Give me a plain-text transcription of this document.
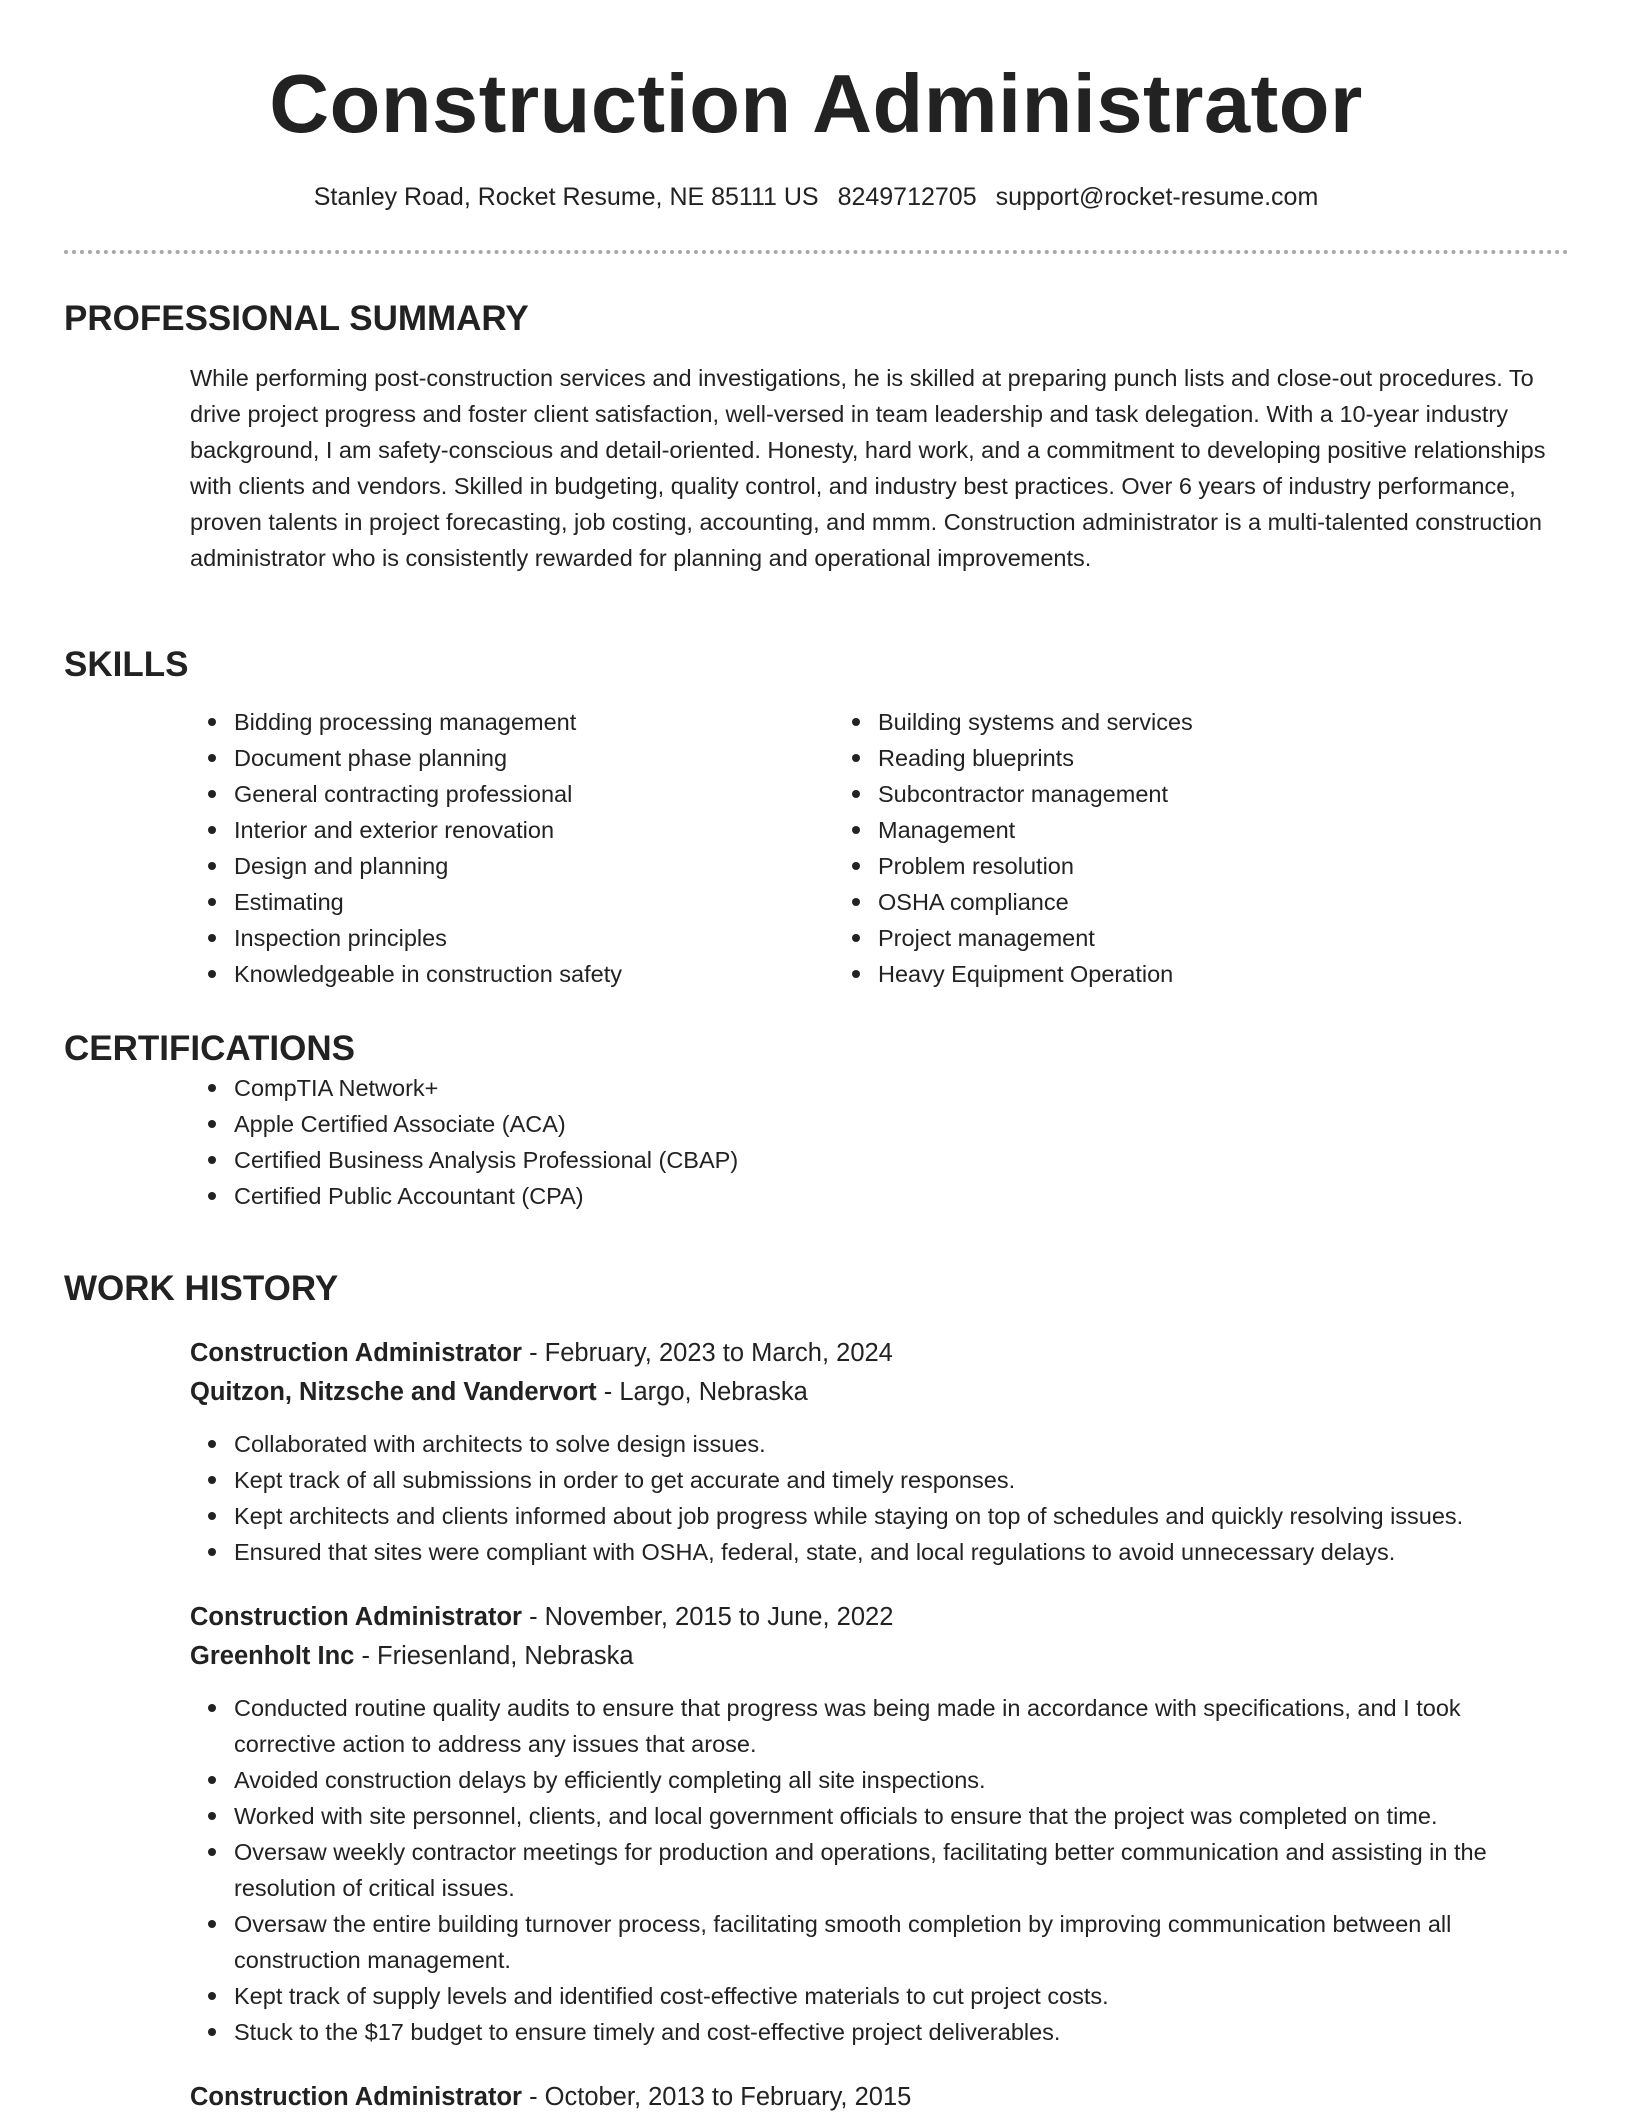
Construction Administrator
Stanley Road, Rocket Resume, NE 85111 US 8249712705 support@rocket-resume.com
PROFESSIONAL SUMMARY

While performing post-construction services and investigations, he is skilled at preparing punch lists and close-out procedures. To drive project progress and foster client satisfaction, well-versed in team leadership and task delegation. With a 10-year industry background, I am safety-conscious and detail-oriented. Honesty, hard work, and a commitment to developing positive relationships with clients and vendors. Skilled in budgeting, quality control, and industry best practices. Over 6 years of industry performance, proven talents in project forecasting, job costing, accounting, and mmm. Construction administrator is a multi-talented construction administrator who is consistently rewarded for planning and operational improvements.

SKILLS
Bidding processing management
Document phase planning
General contracting professional
Interior and exterior renovation
Design and planning
Estimating
Inspection principles
Knowledgeable in construction safety
Building systems and services
Reading blueprints
Subcontractor management
Management
Problem resolution
OSHA compliance
Project management
Heavy Equipment Operation
CERTIFICATIONS
CompTIA Network+
Apple Certified Associate (ACA)
Certified Business Analysis Professional (CBAP)
Certified Public Accountant (CPA)
WORK HISTORY
Construction Administrator - February, 2023 to March, 2024
Quitzon, Nitzsche and Vandervort - Largo, Nebraska
Collaborated with architects to solve design issues.
Kept track of all submissions in order to get accurate and timely responses.
Kept architects and clients informed about job progress while staying on top of schedules and quickly resolving issues.
Ensured that sites were compliant with OSHA, federal, state, and local regulations to avoid unnecessary delays.
Construction Administrator - November, 2015 to June, 2022
Greenholt Inc - Friesenland, Nebraska
Conducted routine quality audits to ensure that progress was being made in accordance with specifications, and I took corrective action to address any issues that arose.
Avoided construction delays by efficiently completing all site inspections.
Worked with site personnel, clients, and local government officials to ensure that the project was completed on time.
Oversaw weekly contractor meetings for production and operations, facilitating better communication and assisting in the resolution of critical issues.
Oversaw the entire building turnover process, facilitating smooth completion by improving communication between all construction management.
Kept track of supply levels and identified cost-effective materials to cut project costs.
Stuck to the $17 budget to ensure timely and cost-effective project deliverables.
Construction Administrator - October, 2013 to February, 2015
